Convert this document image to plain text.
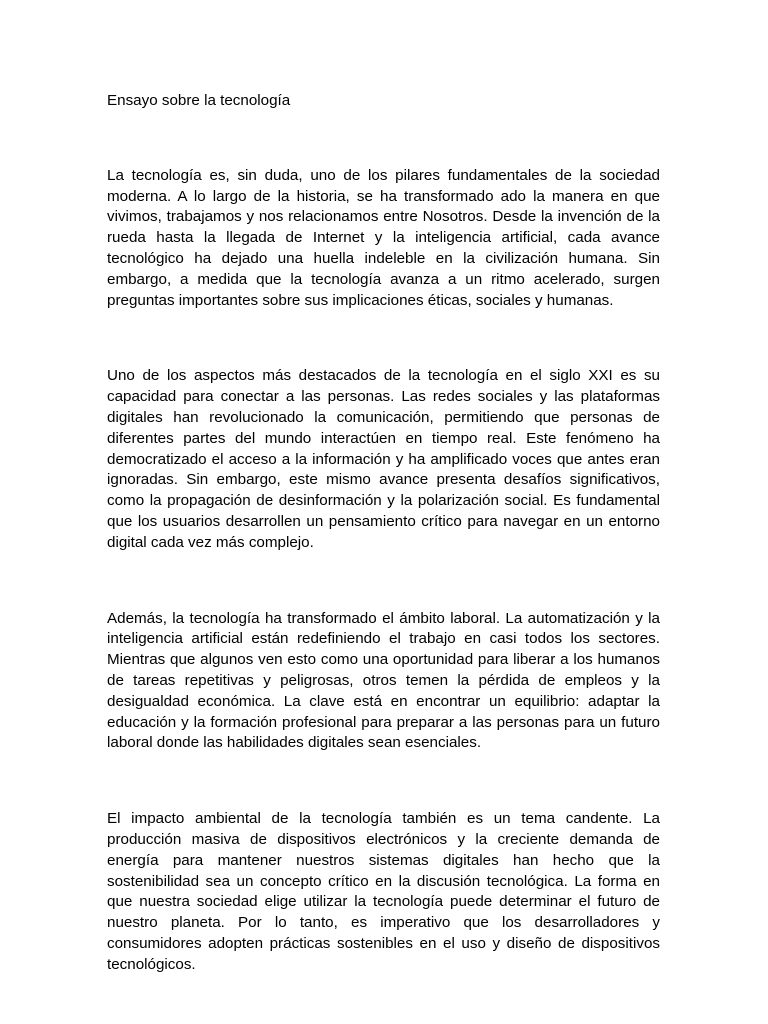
Ensayo sobre la tecnología

La tecnología es, sin duda, uno de los pilares fundamentales de la sociedad moderna. A lo largo de la historia, se ha transformado ado la manera en que vivimos, trabajamos y nos relacionamos entre Nosotros. Desde la invención de la rueda hasta la llegada de Internet y la inteligencia artificial, cada avance tecnológico ha dejado una huella indeleble en la civilización humana. Sin embargo, a medida que la tecnología avanza a un ritmo acelerado, surgen preguntas importantes sobre sus implicaciones éticas, sociales y humanas.

Uno de los aspectos más destacados de la tecnología en el siglo XXI es su capacidad para conectar a las personas. Las redes sociales y las plataformas digitales han revolucionado la comunicación, permitiendo que personas de diferentes partes del mundo interactúen en tiempo real. Este fenómeno ha democratizado el acceso a la información y ha amplificado voces que antes eran ignoradas. Sin embargo, este mismo avance presenta desafíos significativos, como la propagación de desinformación y la polarización social. Es fundamental que los usuarios desarrollen un pensamiento crítico para navegar en un entorno digital cada vez más complejo.

Además, la tecnología ha transformado el ámbito laboral. La automatización y la inteligencia artificial están redefiniendo el trabajo en casi todos los sectores. Mientras que algunos ven esto como una oportunidad para liberar a los humanos de tareas repetitivas y peligrosas, otros temen la pérdida de empleos y la desigualdad económica. La clave está en encontrar un equilibrio: adaptar la educación y la formación profesional para preparar a las personas para un futuro laboral donde las habilidades digitales sean esenciales.

El impacto ambiental de la tecnología también es un tema candente. La producción masiva de dispositivos electrónicos y la creciente demanda de energía para mantener nuestros sistemas digitales han hecho que la sostenibilidad sea un concepto crítico en la discusión tecnológica. La forma en que nuestra sociedad elige utilizar la tecnología puede determinar el futuro de nuestro planeta. Por lo tanto, es imperativo que los desarrolladores y consumidores adopten prácticas sostenibles en el uso y diseño de dispositivos tecnológicos.
